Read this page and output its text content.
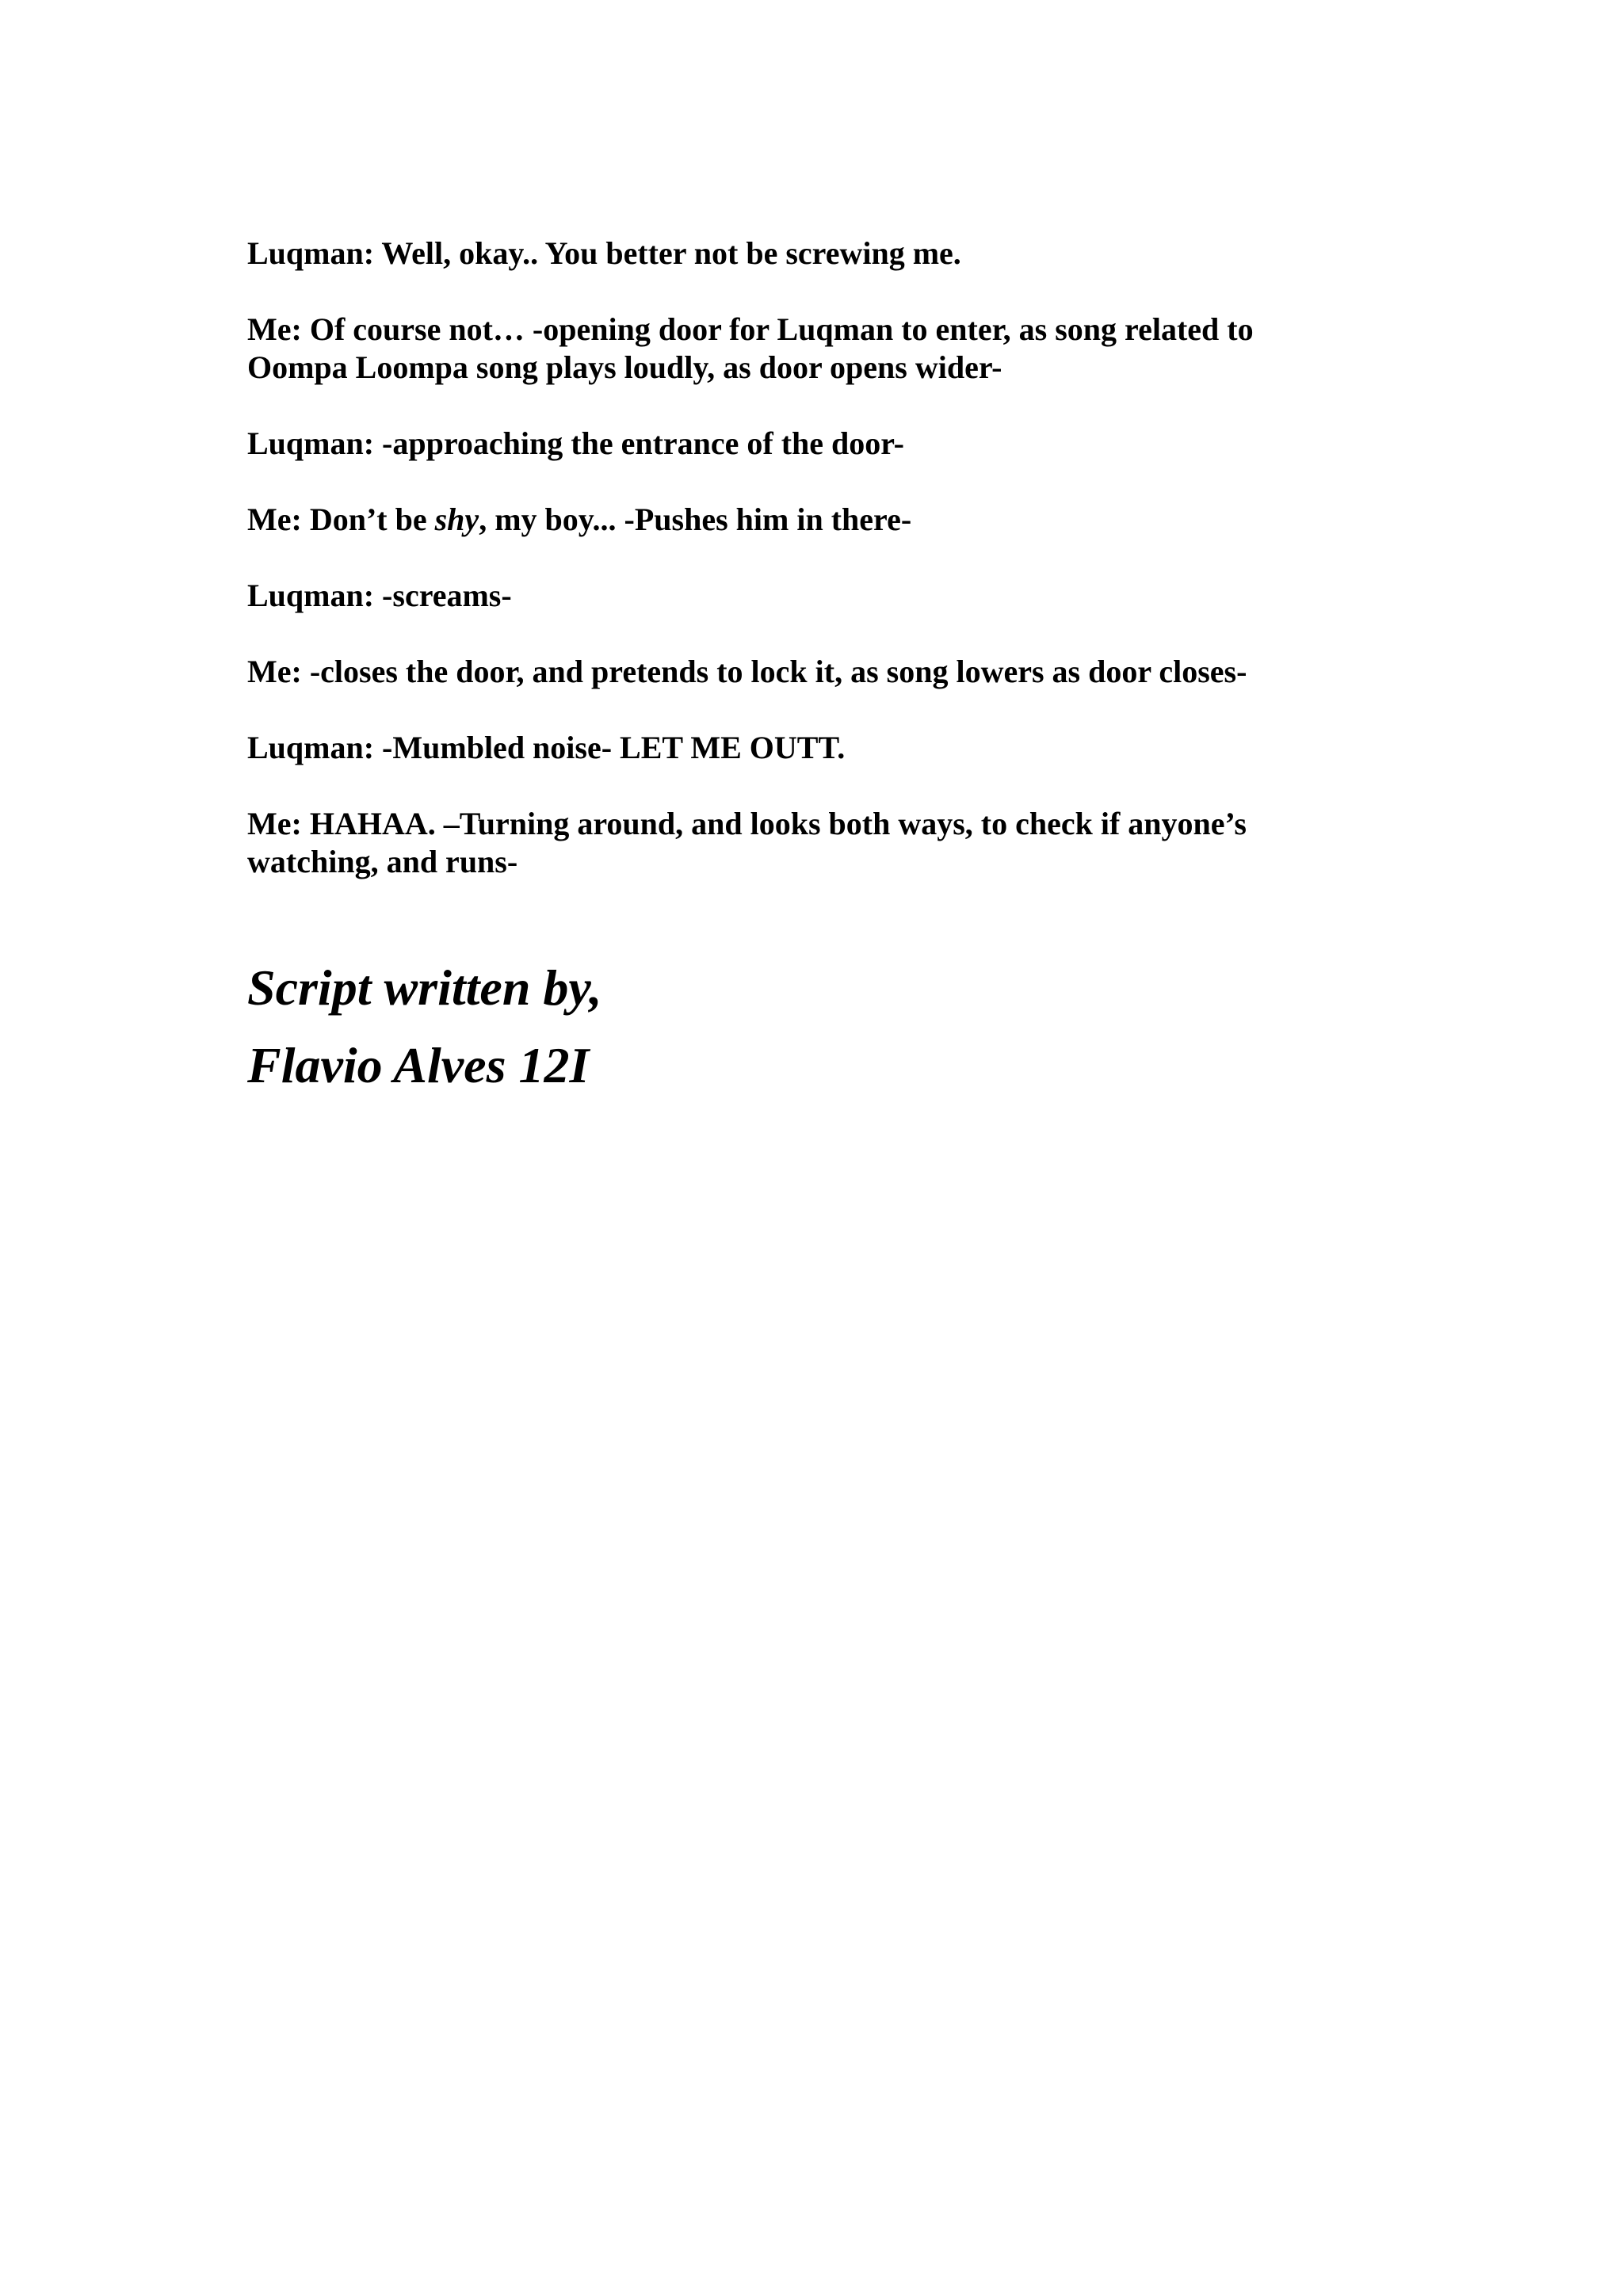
Luqman: Well, okay.. You better not be screwing me.

Me: Of course not… -opening door for Luqman to enter, as song related to
Oompa Loompa song plays loudly, as door opens wider-

Luqman: -approaching the entrance of the door-

Me: Don’t be shy, my boy... -Pushes him in there-

Luqman: -screams-

Me: -closes the door, and pretends to lock it, as song lowers as door closes-

Luqman: -Mumbled noise- LET ME OUTT.

Me: HAHAA. –Turning around, and looks both ways, to check if anyone’s
watching, and runs-

Script written by,
Flavio Alves 12I
